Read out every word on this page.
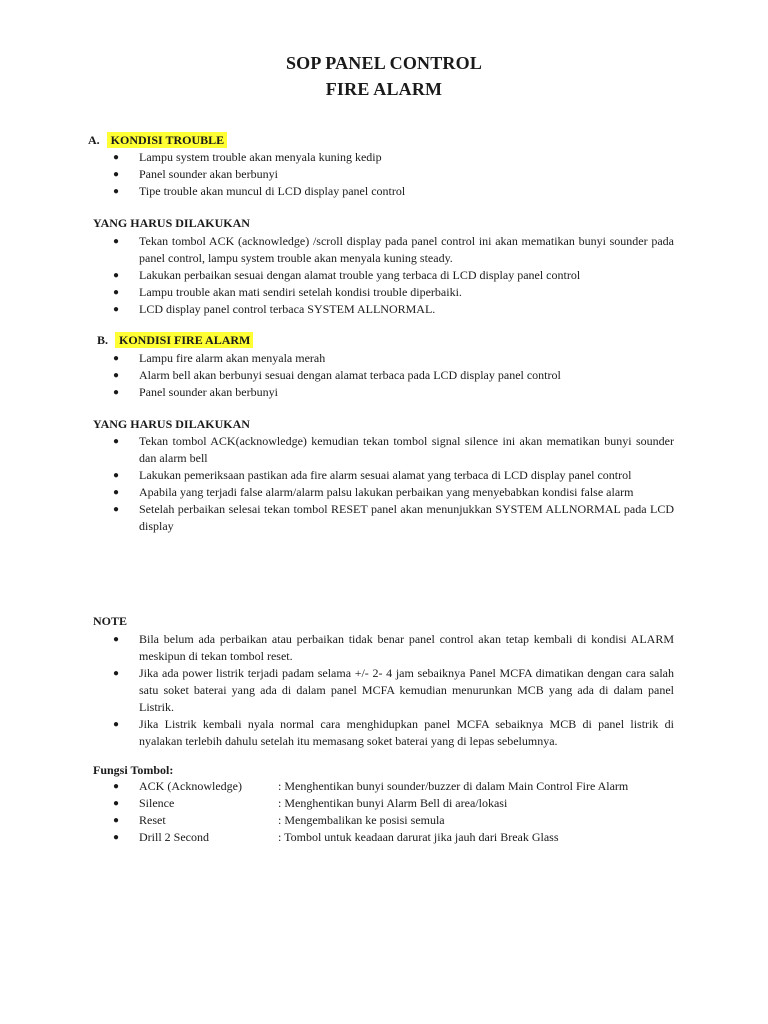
SOP PANEL CONTROL
FIRE ALARM
A. KONDISI TROUBLE
●	Lampu system trouble akan menyala kuning kedip
●	Panel sounder akan berbunyi
●	Tipe trouble akan muncul di LCD display panel control
YANG HARUS DILAKUKAN
●	Tekan tombol ACK (acknowledge) /scroll display pada panel control ini akan mematikan bunyi sounder pada panel control, lampu system trouble akan menyala kuning steady.
●	Lakukan perbaikan sesuai dengan alamat trouble yang terbaca di LCD display panel control
●	Lampu trouble akan mati sendiri setelah kondisi trouble diperbaiki.
●	LCD display panel control terbaca SYSTEM ALLNORMAL.
B. KONDISI FIRE ALARM
●	Lampu fire alarm akan menyala merah
●	Alarm bell akan berbunyi sesuai dengan alamat terbaca pada LCD display panel control
●	Panel sounder akan berbunyi
YANG HARUS DILAKUKAN
●	Tekan tombol ACK(acknowledge) kemudian tekan tombol signal silence ini akan mematikan bunyi sounder dan alarm bell
●	Lakukan pemeriksaan pastikan ada fire alarm sesuai alamat yang terbaca di LCD display panel control
●	Apabila yang terjadi false alarm/alarm palsu lakukan perbaikan yang menyebabkan kondisi false alarm
●	Setelah perbaikan selesai tekan tombol RESET panel akan menunjukkan SYSTEM ALLNORMAL pada LCD display
NOTE
●	Bila belum ada perbaikan atau perbaikan tidak benar panel control akan tetap kembali di kondisi ALARM meskipun di tekan tombol reset.
●	Jika ada power listrik terjadi padam selama +/- 2- 4 jam sebaiknya Panel MCFA dimatikan dengan cara salah satu soket baterai yang ada di dalam panel MCFA kemudian menurunkan MCB yang ada di dalam panel Listrik.
●	Jika Listrik kembali nyala normal cara menghidupkan panel MCFA sebaiknya MCB di panel listrik di nyalakan terlebih dahulu setelah itu memasang soket baterai yang di lepas sebelumnya.
Fungsi Tombol:
● ACK (Acknowledge)	: Menghentikan bunyi sounder/buzzer di dalam Main Control Fire Alarm
● Silence	: Menghentikan bunyi Alarm Bell di area/lokasi
● Reset	: Mengembalikan ke posisi semula
● Drill 2 Second	: Tombol untuk keadaan darurat jika jauh dari Break Glass
